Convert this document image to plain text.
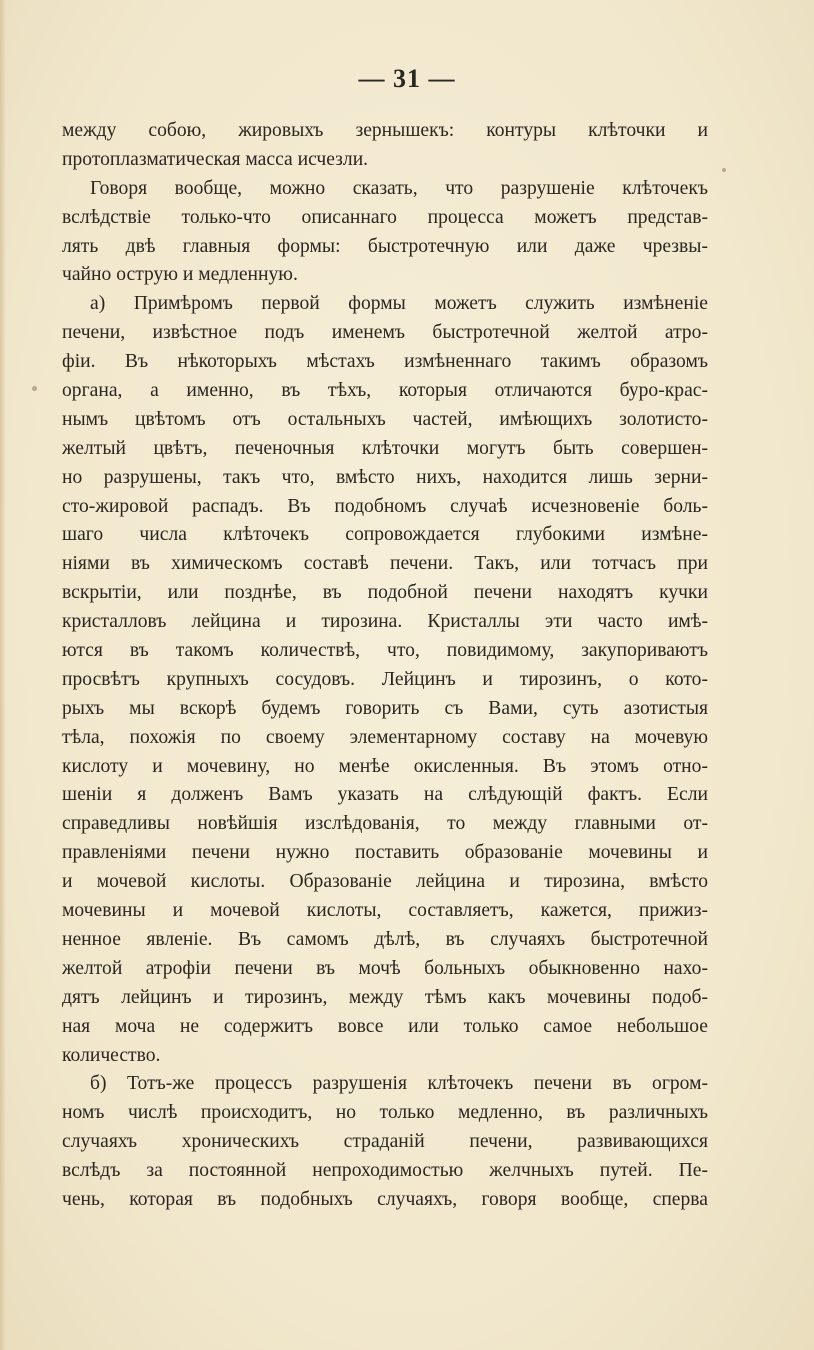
— 31 —
между собою, жировыхъ зернышекъ: контуры клѣточки и
протоплазматическая масса исчезли.
Говоря вообще, можно сказать, что разрушеніе клѣточекъ
вслѣдствіе только-что описаннаго процесса можетъ представ-
лять двѣ главныя формы: быстротечную или даже чрезвы-
чайно острую и медленную.
а) Примѣромъ первой формы можетъ служить измѣненіе
печени, извѣстное подъ именемъ быстротечной желтой атро-
фіи. Въ нѣкоторыхъ мѣстахъ измѣненнаго такимъ образомъ
органа, а именно, въ тѣхъ, которыя отличаются буро-крас-
нымъ цвѣтомъ отъ остальныхъ частей, имѣющихъ золотисто-
желтый цвѣтъ, печеночныя клѣточки могутъ быть совершен-
но разрушены, такъ что, вмѣсто нихъ, находится лишь зерни-
сто-жировой распадъ. Въ подобномъ случаѣ исчезновеніе боль-
шаго числа клѣточекъ сопровождается глубокими измѣне-
ніями въ химическомъ составѣ печени. Такъ, или тотчасъ при
вскрытіи, или позднѣе, въ подобной печени находятъ кучки
кристалловъ лейцина и тирозина. Кристаллы эти часто имѣ-
ются въ такомъ количествѣ, что, повидимому, закупориваютъ
просвѣтъ крупныхъ сосудовъ. Лейцинъ и тирозинъ, о кото-
рыхъ мы вскорѣ будемъ говорить съ Вами, суть азотистыя
тѣла, похожія по своему элементарному составу на мочевую
кислоту и мочевину, но менѣе окисленныя. Въ этомъ отно-
шеніи я долженъ Вамъ указать на слѣдующій фактъ. Если
справедливы новѣйшія изслѣдованія, то между главными от-
правленіями печени нужно поставить образованіе мочевины и
и мочевой кислоты. Образованіе лейцина и тирозина, вмѣсто
мочевины и мочевой кислоты, составляетъ, кажется, прижиз-
ненное явленіе. Въ самомъ дѣлѣ, въ случаяхъ быстротечной
желтой атрофіи печени въ мочѣ больныхъ обыкновенно нахо-
дятъ лейцинъ и тирозинъ, между тѣмъ какъ мочевины подоб-
ная моча не содержитъ вовсе или только самое небольшое
количество.
б) Тотъ-же процессъ разрушенія клѣточекъ печени въ огром-
номъ числѣ происходитъ, но только медленно, въ различныхъ
случаяхъ хроническихъ страданій печени, развивающихся
вслѣдъ за постоянной непроходимостью желчныхъ путей. Пе-
чень, которая въ подобныхъ случаяхъ, говоря вообще, сперва
